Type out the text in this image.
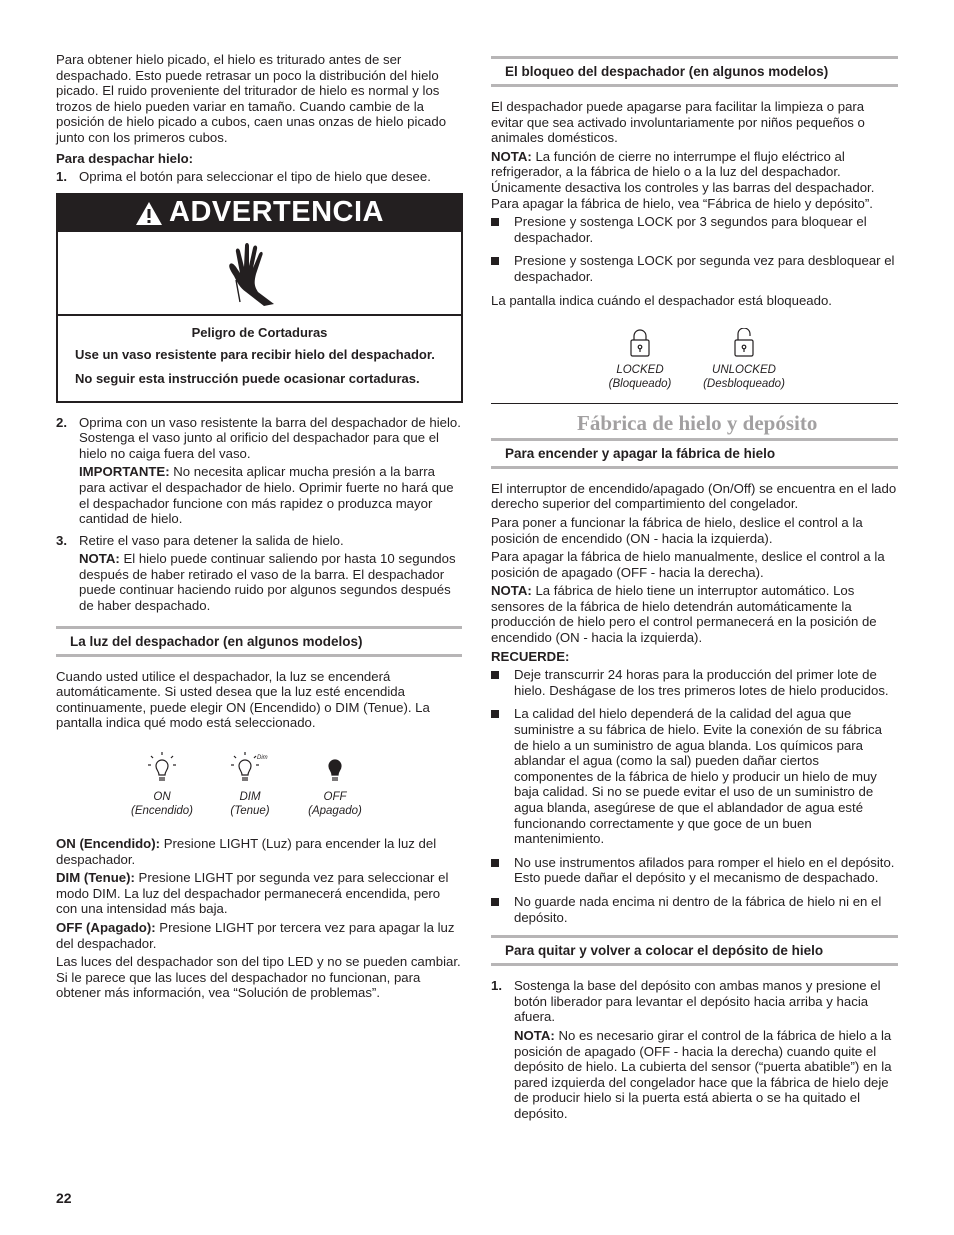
Para obtener hielo picado, el hielo es triturado antes de ser despachado. Esto puede retrasar un poco la distribución del hielo picado. El ruido proveniente del triturador de hielo es normal y los trozos de hielo pueden variar en tamaño. Cuando cambie de la posición de hielo picado a cubos, caen unas onzas de hielo picado junto con los primeros cubos.

Para despachar hielo:

1. Oprima el botón para seleccionar el tipo de hielo que desee.
ADVERTENCIA

Peligro de Cortaduras

Use un vaso resistente para recibir hielo del despachador.

No seguir esta instrucción puede ocasionar cortaduras.

2. Oprima con un vaso resistente la barra del despachador de hielo. Sostenga el vaso junto al orificio del despachador para que el hielo no caiga fuera del vaso.

IMPORTANTE: No necesita aplicar mucha presión a la barra para activar el despachador de hielo. Oprimir fuerte no hará que el despachador funcione con más rapidez o produzca mayor cantidad de hielo.

3. Retire el vaso para detener la salida de hielo.

NOTA: El hielo puede continuar saliendo por hasta 10 segundos después de haber retirado el vaso de la barra. El despachador puede continuar haciendo ruido por algunos segundos después de haber despachado.

La luz del despachador (en algunos modelos)

Cuando usted utilice el despachador, la luz se encenderá automáticamente. Si usted desea que la luz esté encendida continuamente, puede elegir ON (Encendido) o DIM (Tenue). La pantalla indica qué modo está seleccionado.

ON
(Encendido)
Dim
DIM
(Tenue)
OFF
(Apagado)

ON (Encendido): Presione LIGHT (Luz) para encender la luz del despachador.

DIM (Tenue): Presione LIGHT por segunda vez para seleccionar el modo DIM. La luz del despachador permanecerá encendida, pero con una intensidad más baja.

OFF (Apagado): Presione LIGHT por tercera vez para apagar la luz del despachador.

Las luces del despachador son del tipo LED y no se pueden cambiar. Si le parece que las luces del despachador no funcionan, para obtener más información, vea “Solución de problemas”.

El bloqueo del despachador (en algunos modelos)

El despachador puede apagarse para facilitar la limpieza o para evitar que sea activado involuntariamente por niños pequeños o animales domésticos.

NOTA: La función de cierre no interrumpe el flujo eléctrico al refrigerador, a la fábrica de hielo o a la luz del despachador. Únicamente desactiva los controles y las barras del despachador. Para apagar la fábrica de hielo, vea “Fábrica de hielo y depósito”.

Presione y sostenga LOCK por 3 segundos para bloquear el despachador.
Presione y sostenga LOCK por segunda vez para desbloquear el despachador.

La pantalla indica cuándo el despachador está bloqueado.

LOCKED
(Bloqueado)
UNLOCKED
(Desbloqueado)
Fábrica de hielo y depósito
Para encender y apagar la fábrica de hielo

El interruptor de encendido/apagado (On/Off) se encuentra en el lado derecho superior del compartimiento del congelador.

Para poner a funcionar la fábrica de hielo, deslice el control a la posición de encendido (ON - hacia la izquierda).

Para apagar la fábrica de hielo manualmente, deslice el control a la posición de apagado (OFF - hacia la derecha).

NOTA: La fábrica de hielo tiene un interruptor automático. Los sensores de la fábrica de hielo detendrán automáticamente la producción de hielo pero el control permanecerá en la posición de encendido (ON - hacia la izquierda).

RECUERDE:

Deje transcurrir 24 horas para la producción del primer lote de hielo. Deshágase de los tres primeros lotes de hielo producidos.
La calidad del hielo dependerá de la calidad del agua que suministre a su fábrica de hielo. Evite la conexión de su fábrica de hielo a un suministro de agua blanda. Los químicos para ablandar el agua (como la sal) pueden dañar ciertos componentes de la fábrica de hielo y producir un hielo de muy baja calidad. Si no se puede evitar el uso de un suministro de agua blanda, asegúrese de que el ablandador de agua esté funcionando correctamente y que goce de un buen mantenimiento.
No use instrumentos afilados para romper el hielo en el depósito. Esto puede dañar el depósito y el mecanismo de despachado.
No guarde nada encima ni dentro de la fábrica de hielo ni en el depósito.
Para quitar y volver a colocar el depósito de hielo
1. Sostenga la base del depósito con ambas manos y presione el botón liberador para levantar el depósito hacia arriba y hacia afuera.

NOTA: No es necesario girar el control de la fábrica de hielo a la posición de apagado (OFF - hacia la derecha) cuando quite el depósito de hielo. La cubierta del sensor (“puerta abatible”) en la pared izquierda del congelador hace que la fábrica de hielo deje de producir hielo si la puerta está abierta o se ha quitado el depósito.

22
